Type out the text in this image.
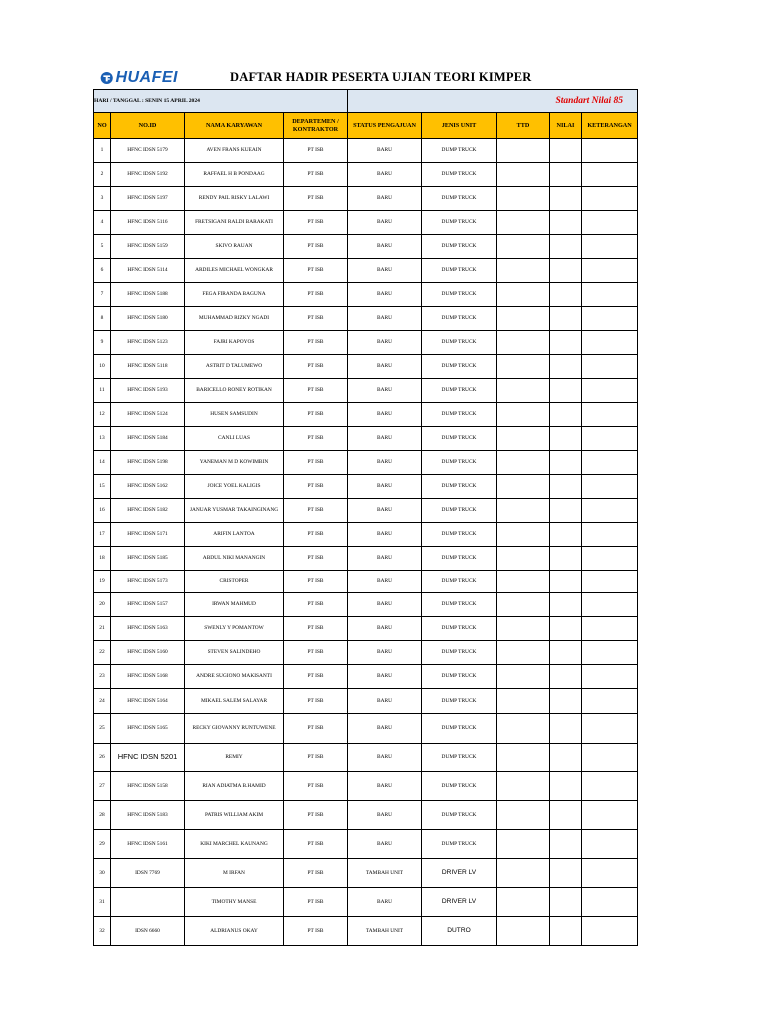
HUAFEI	DAFTAR HADIR PESERTA UJIAN TEORI KIMPER
HARI / TANGGAL : SENIN 15 APRIL 2024				Standart Nilai 85				
NO	NO.ID	NAMA KARYAWAN	DEPARTEMEN / KONTRAKTOR	STATUS PENGAJUAN	JENIS UNIT	TTD	NILAI	KETERANGAN
1	HFNC IDSN 5179	AVEN FRANS KUEAIN	PT ISB	BARU	DUMP TRUCK			
2	HFNC IDSN 5192	RAFFAEL H B PONDAAG	PT ISB	BARU	DUMP TRUCK			
3	HFNC IDSN 5197	RENDY PAIL RISKY LALAWI	PT ISB	BARU	DUMP TRUCK			
4	HFNC IDSN 5116	FRETSIGANI RALDI BARAKATI	PT ISB	BARU	DUMP TRUCK			
5	HFNC IDSN 5159	SKIVO RAUAN	PT ISB	BARU	DUMP TRUCK			
6	HFNC IDSN 5114	ARDILES MICHAEL WONGKAR	PT ISB	BARU	DUMP TRUCK			
7	HFNC IDSN 5188	FEGA FIRANDA BAGUNA	PT ISB	BARU	DUMP TRUCK			
8	HFNC IDSN 5180	MUHAMMAD RIZKY NGADI	PT ISB	BARU	DUMP TRUCK			
9	HFNC IDSN 5123	FAJRI KAPOYOS	PT ISB	BARU	DUMP TRUCK			
10	HFNC IDSN 5118	ASTRIT D TALUMEWO	PT ISB	BARU	DUMP TRUCK			
11	HFNC IDSN 5193	BARICELLO RONEY ROTIKAN	PT ISB	BARU	DUMP TRUCK			
12	HFNC IDSN 5124	HUSEN SAMSUDIN	PT ISB	BARU	DUMP TRUCK			
13	HFNC IDSN 5184	CANLI LUAS	PT ISB	BARU	DUMP TRUCK			
14	HFNC IDSN 5198	YANEMAN M D KOWIMBIN	PT ISB	BARU	DUMP TRUCK			
15	HFNC IDSN 5162	JOICE YOEL KALIGIS	PT ISB	BARU	DUMP TRUCK			
16	HFNC IDSN 5182	JANUAR YUSMAR TAKAINGINANG	PT ISB	BARU	DUMP TRUCK			
17	HFNC IDSN 5171	ARIFIN LANTOA	PT ISB	BARU	DUMP TRUCK			
18	HFNC IDSN 5185	ABDUL NIKI MANANGIN	PT ISB	BARU	DUMP TRUCK			
19	HFNC IDSN 5173	CRISTOPER	PT ISB	BARU	DUMP TRUCK			
20	HFNC IDSN 5157	IRWAN MAHMUD	PT ISB	BARU	DUMP TRUCK			
21	HFNC IDSN 5163	SWENLY Y POMANTOW	PT ISB	BARU	DUMP TRUCK			
22	HFNC IDSN 5160	STEVEN SALINDEHO	PT ISB	BARU	DUMP TRUCK			
23	HFNC IDSN 5168	ANDRE SUGIONO MAKISANTI	PT ISB	BARU	DUMP TRUCK			
24	HFNC IDSN 5164	MIKAEL SALEM SALAYAR	PT ISB	BARU	DUMP TRUCK			
25	HFNC IDSN 5165	RECKY GIOVANNY RUNTUWENE	PT ISB	BARU	DUMP TRUCK			
26	HFNC IDSN 5201	REMIY	PT ISB	BARU	DUMP TRUCK			
27	HFNC IDSN 5158	RIAN ADIATMA B.HAMID	PT ISB	BARU	DUMP TRUCK			
28	HFNC IDSN 5183	PATRIS WILLIAM AKIM	PT ISB	BARU	DUMP TRUCK			
29	HFNC IDSN 5161	KIKI MARCHEL KAUNANG	PT ISB	BARU	DUMP TRUCK			
30	IDSN 7769	M IRFAN	PT ISB	TAMBAH UNIT	DRIVER LV			
31		TIMOTHY MANSE	PT ISB	BARU	DRIVER LV			
32	IDSN 6660	ALDRIANUS OKAY	PT ISB	TAMBAH UNIT	DUTRO			
